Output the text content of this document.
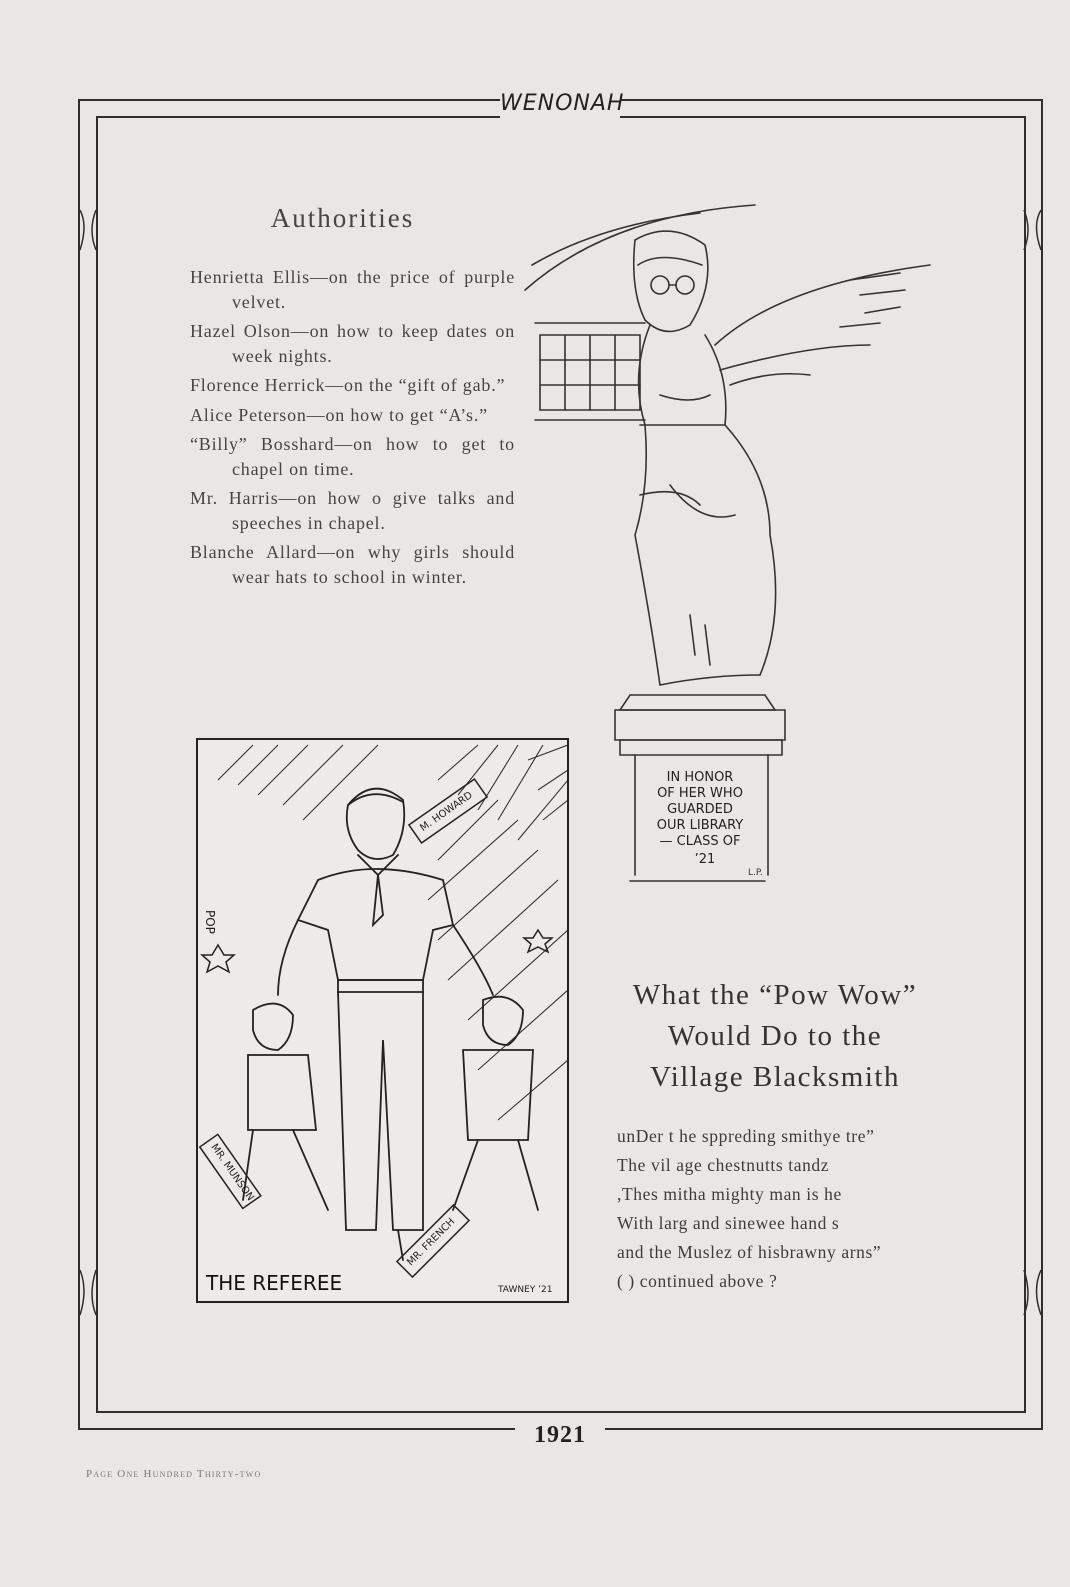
WENONAH
Authorities
Henrietta Ellis—on the price of purple velvet.
Hazel Olson—on how to keep dates on week nights.
Florence Herrick—on the “gift of gab.”
Alice Peterson—on how to get “A’s.”
“Billy” Bosshard—on how to get to chapel on time.
Mr. Harris—on how o give talks and speeches in chapel.
Blanche Allard—on why girls should wear hats to school in winter.
IN HONOR
OF HER WHO
GUARDED
OUR LIBRARY
— CLASS OF
’21
L.P.
M. HOWARD
MR. MUNSON
MR. FRENCH
POP
THE REFEREE	TAWNEY ’21
What the “Pow Wow”
Would Do to the
Village Blacksmith
unDer t he sppreding smithye tre”
The vil age chestnutts tandz
,Thes mitha mighty man is he
With larg and sinewee hand s
and the Muslez of hisbrawny arns”
( ) continued above ?
1921
Page One Hundred Thirty-two
